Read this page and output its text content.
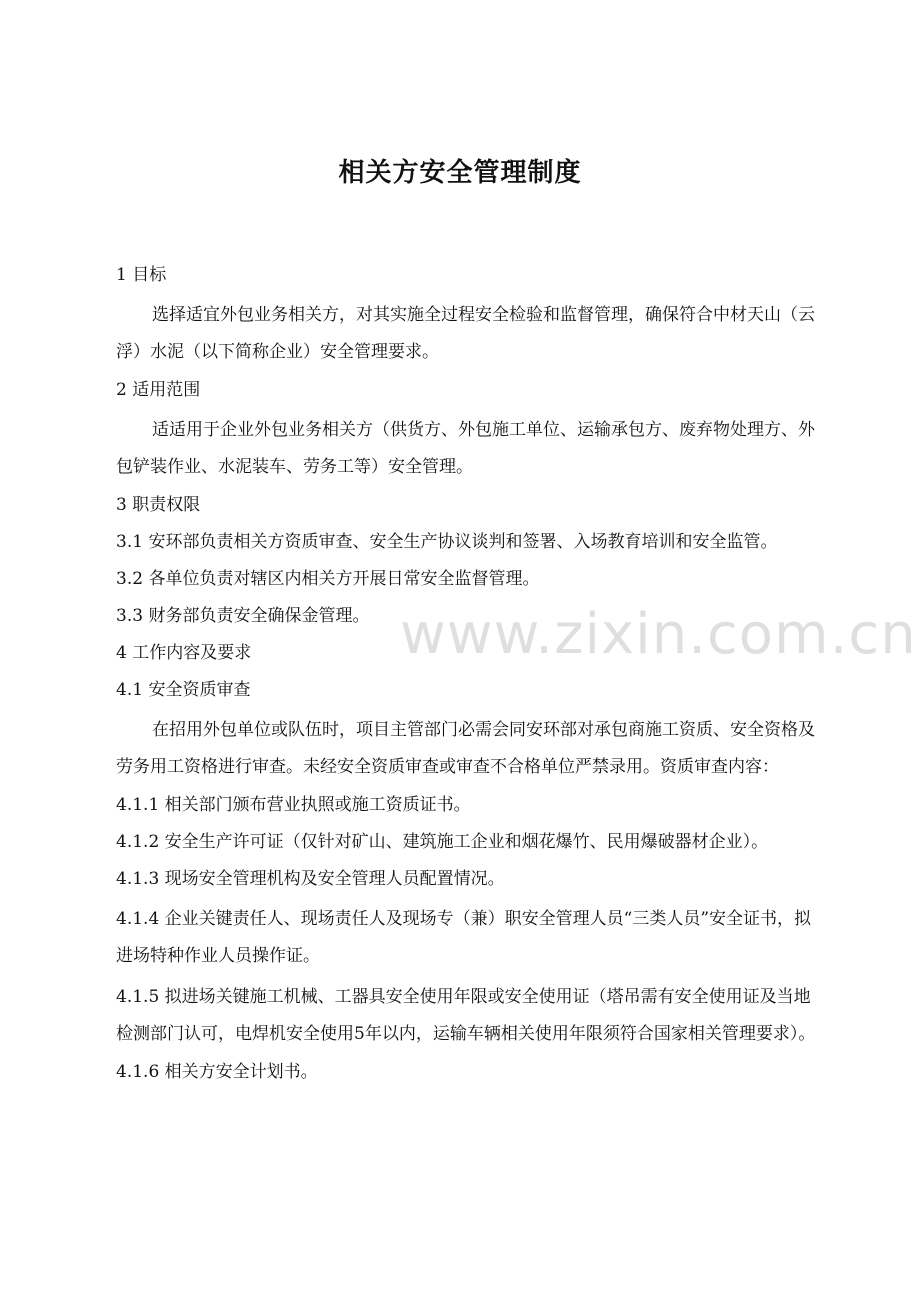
相关方安全管理制度
1 目标
选择适宜外包业务相关方，对其实施全过程安全检验和监督管理，确保符合中材天山（云浮）水泥（以下简称企业）安全管理要求。
2 适用范围
适适用于企业外包业务相关方（供货方、外包施工单位、运输承包方、废弃物处理方、外包铲装作业、水泥装车、劳务工等）安全管理。
3 职责权限
3.1 安环部负责相关方资质审查、安全生产协议谈判和签署、入场教育培训和安全监管。
3.2 各单位负责对辖区内相关方开展日常安全监督管理。
3.3 财务部负责安全确保金管理。
4 工作内容及要求
4.1 安全资质审查
在招用外包单位或队伍时，项目主管部门必需会同安环部对承包商施工资质、安全资格及劳务用工资格进行审查。未经安全资质审查或审查不合格单位严禁录用。资质审查内容：
4.1.1 相关部门颁布营业执照或施工资质证书。
4.1.2 安全生产许可证（仅针对矿山、建筑施工企业和烟花爆竹、民用爆破器材企业）。
4.1.3 现场安全管理机构及安全管理人员配置情况。
4.1.4 企业关键责任人、现场责任人及现场专（兼）职安全管理人员“三类人员”安全证书，拟进场特种作业人员操作证。
4.1.5 拟进场关键施工机械、工器具安全使用年限或安全使用证（塔吊需有安全使用证及当地检测部门认可，电焊机安全使用5年以内，运输车辆相关使用年限须符合国家相关管理要求）。
4.1.6 相关方安全计划书。
www.zixin.com.cn
